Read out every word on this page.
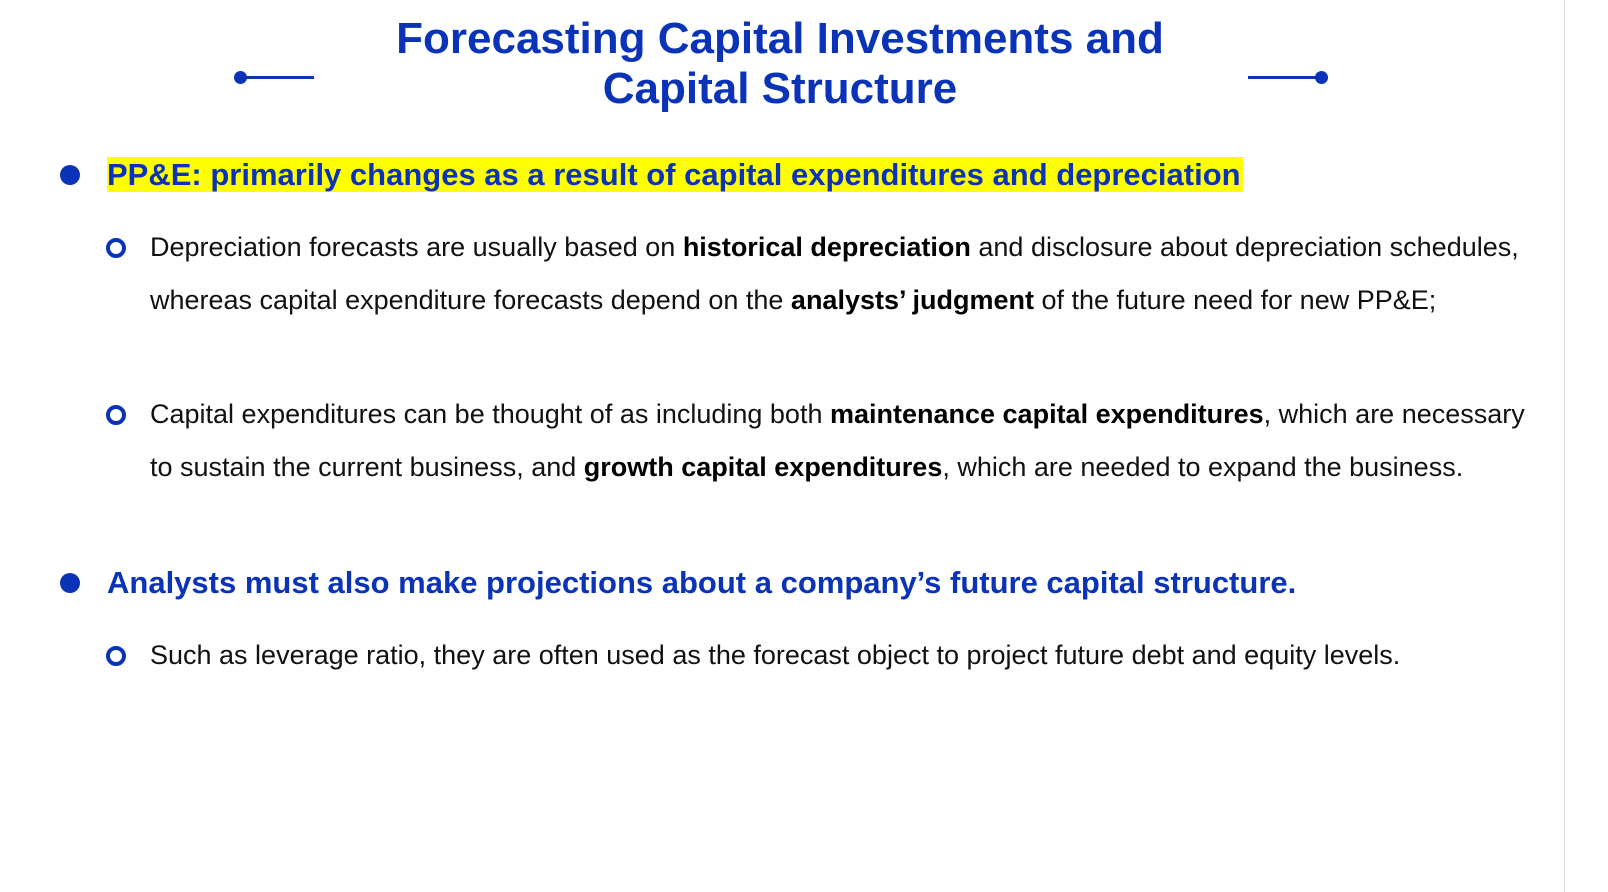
Forecasting Capital Investments and
Capital Structure
PP&E: primarily changes as a result of capital expenditures and depreciation
Depreciation forecasts are usually based on historical depreciation and disclosure about depreciation schedules, whereas capital expenditure forecasts depend on the analysts’ judgment of the future need for new PP&E;
Capital expenditures can be thought of as including both maintenance capital expenditures, which are necessary to sustain the current business, and growth capital expenditures, which are needed to expand the business.
Analysts must also make projections about a company’s future capital structure.
Such as leverage ratio, they are often used as the forecast object to project future debt and equity levels.
